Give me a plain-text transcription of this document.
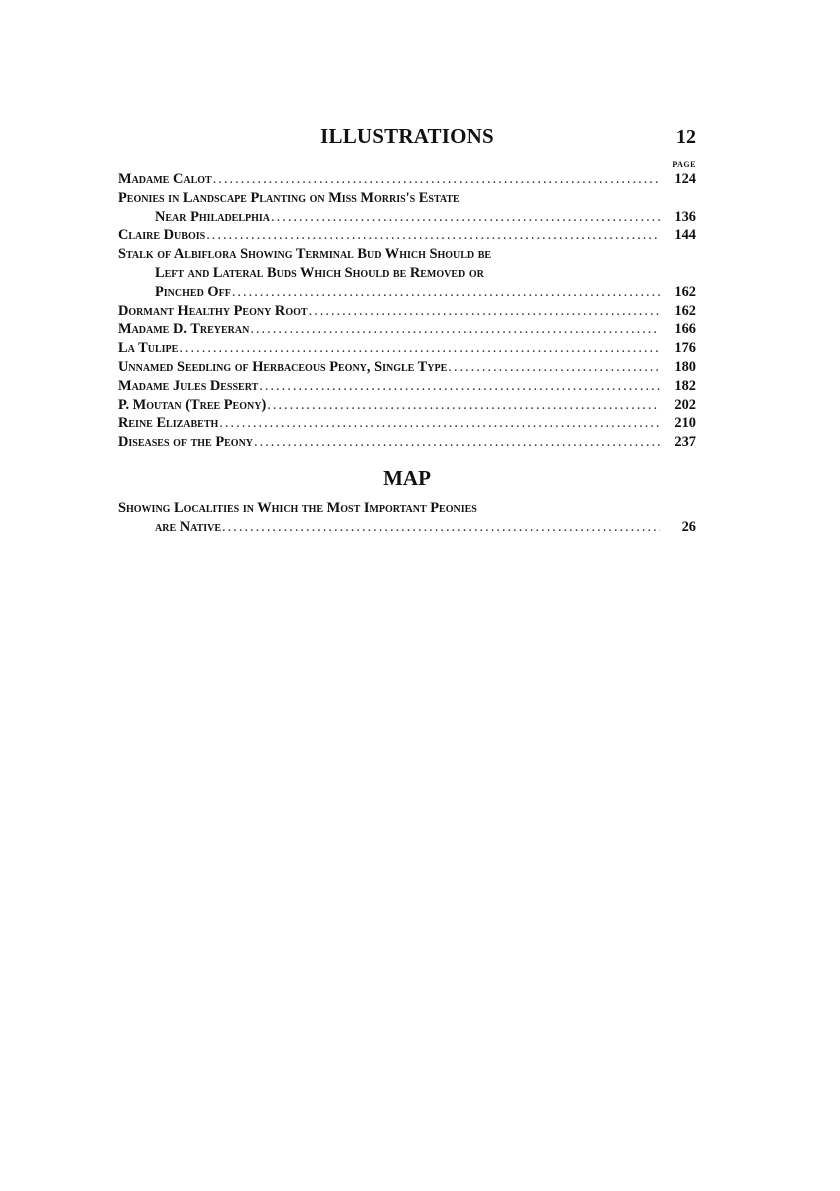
ILLUSTRATIONS	12
PAGE
Madame Calot .....	124
Peonies in Landscape Planting on Miss Morris's Estate
Near Philadelphia .....	136
Claire Dubois .....	144
Stalk of Albiflora Showing Terminal Bud Which Should be
Left and Lateral Buds Which Should be Removed or
Pinched Off .....	162
Dormant Healthy Peony Root .....	162
Madame D. Treyeran .....	166
La Tulipe .....	176
Unnamed Seedling of Herbaceous Peony, Single Type .....	180
Madame Jules Dessert .....	182
P. Moutan (Tree Peony) .....	202
Reine Elizabeth .....	210
Diseases of the Peony .....	237
MAP
Showing Localities in Which the Most Important Peonies
are Native .....	26
